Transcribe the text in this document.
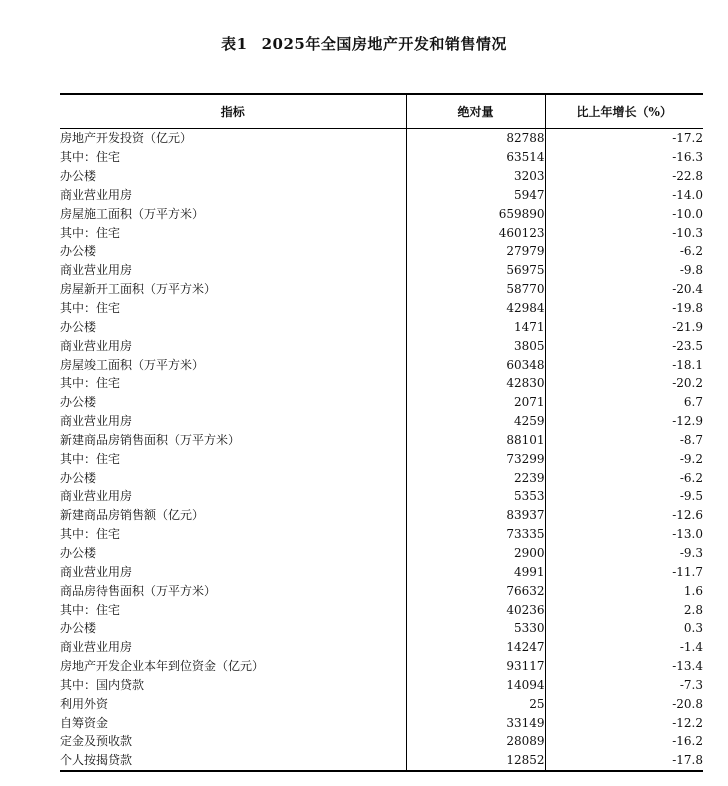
表1 2025年全国房地产开发和销售情况
指标	绝对量	比上年增长（%）
房地产开发投资（亿元）	82788	-17.2
其中：住宅	63514	-16.3
办公楼	3203	-22.8
商业营业用房	5947	-14.0
房屋施工面积（万平方米）	659890	-10.0
其中：住宅	460123	-10.3
办公楼	27979	-6.2
商业营业用房	56975	-9.8
房屋新开工面积（万平方米）	58770	-20.4
其中：住宅	42984	-19.8
办公楼	1471	-21.9
商业营业用房	3805	-23.5
房屋竣工面积（万平方米）	60348	-18.1
其中：住宅	42830	-20.2
办公楼	2071	6.7
商业营业用房	4259	-12.9
新建商品房销售面积（万平方米）	88101	-8.7
其中：住宅	73299	-9.2
办公楼	2239	-6.2
商业营业用房	5353	-9.5
新建商品房销售额（亿元）	83937	-12.6
其中：住宅	73335	-13.0
办公楼	2900	-9.3
商业营业用房	4991	-11.7
商品房待售面积（万平方米）	76632	1.6
其中：住宅	40236	2.8
办公楼	5330	0.3
商业营业用房	14247	-1.4
房地产开发企业本年到位资金（亿元）	93117	-13.4
其中：国内贷款	14094	-7.3
利用外资	25	-20.8
自筹资金	33149	-12.2
定金及预收款	28089	-16.2
个人按揭贷款	12852	-17.8
